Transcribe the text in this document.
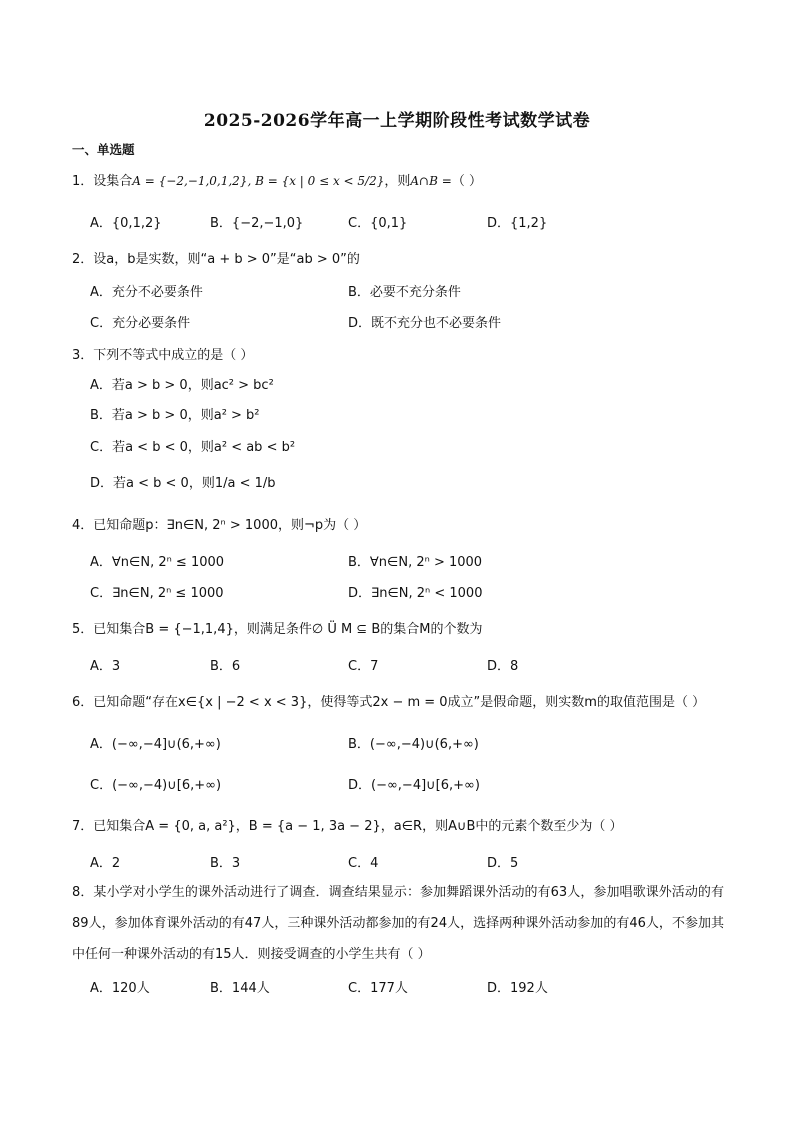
2025-2026学年高一上学期阶段性考试数学试卷
一、单选题
1．设集合A = {−2,−1,0,1,2}, B = {x | 0 ≤ x < 5/2}，则A∩B =（ ）
A．{0,1,2}	B．{−2,−1,0}	C．{0,1}	D．{1,2}
2．设a，b是实数，则“a + b > 0”是“ab > 0”的
A．充分不必要条件	B．必要不充分条件
C．充分必要条件	D．既不充分也不必要条件
3．下列不等式中成立的是（ ）
A．若a > b > 0，则ac² > bc²
B．若a > b > 0，则a² > b²
C．若a < b < 0，则a² < ab < b²
D．若a < b < 0，则1/a < 1/b
4．已知命题p：∃n∈N, 2ⁿ > 1000，则¬p为（ ）
A．∀n∈N, 2ⁿ ≤ 1000	B．∀n∈N, 2ⁿ > 1000
C．∃n∈N, 2ⁿ ≤ 1000	D．∃n∈N, 2ⁿ < 1000
5．已知集合B = {−1,1,4}，则满足条件∅ Ü M ⊆ B的集合M的个数为
A．3	B．6	C．7	D．8
6．已知命题“存在x∈{x | −2 < x < 3}，使得等式2x − m = 0成立”是假命题，则实数m的取值范围是（ ）
A．(−∞,−4]∪(6,+∞)	B．(−∞,−4)∪(6,+∞)
C．(−∞,−4)∪[6,+∞)	D．(−∞,−4]∪[6,+∞)
7．已知集合A = {0, a, a²}，B = {a − 1, 3a − 2}，a∈R，则A∪B中的元素个数至少为（ ）
A．2	B．3	C．4	D．5
8．某小学对小学生的课外活动进行了调查．调查结果显示：参加舞蹈课外活动的有63人，参加唱歌课外活动的有89人，参加体育课外活动的有47人，三种课外活动都参加的有24人，选择两种课外活动参加的有46人，不参加其中任何一种课外活动的有15人．则接受调查的小学生共有（ ）
A．120人	B．144人	C．177人	D．192人
